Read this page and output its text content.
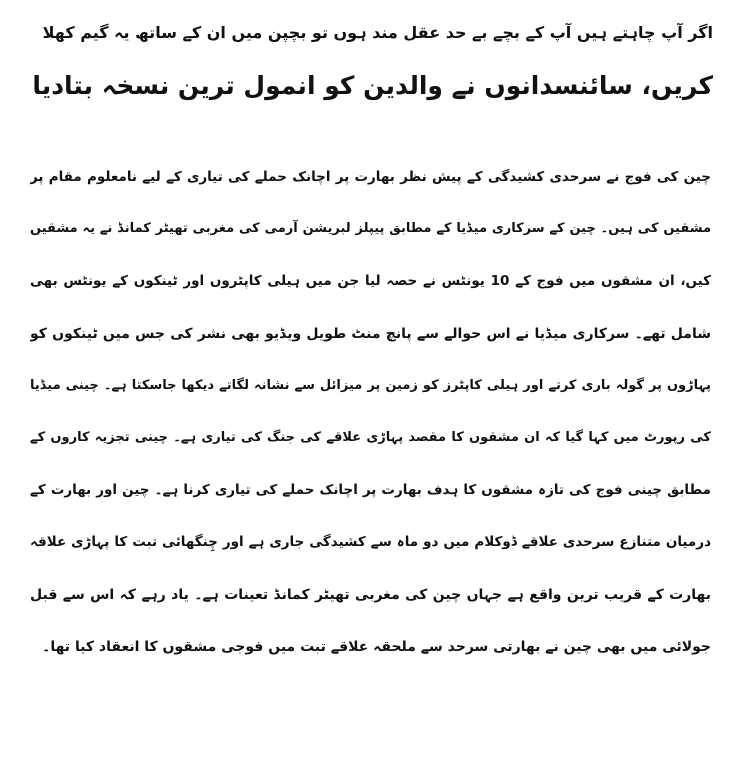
اگر آپ چاہتے ہیں آپ کے بچے بے حد عقل مند ہوں تو بچپن میں ان کے ساتھ یہ گیم کھلا
کریں، سائنسدانوں نے والدین کو انمول ترین نسخہ بتادیا
چین کی فوج نے سرحدی کشیدگی کے پیش نظر بھارت پر اچانک حملے کی تیاری کے لیے نامعلوم مقام پر
مشقیں کی ہیں۔ چین کے سرکاری میڈیا کے مطابق پیپلز لبریشن آرمی کی مغربی تھیٹر کمانڈ نے یہ مشقیں
کیں، ان مشقوں میں فوج کے 10 یونٹس نے حصہ لیا جن میں ہیلی کاپٹروں اور ٹینکوں کے یونٹس بھی
شامل تھے۔ سرکاری میڈیا نے اس حوالے سے پانچ منٹ طویل ویڈیو بھی نشر کی جس میں ٹینکوں کو
پہاڑوں پر گولہ باری کرتے اور ہیلی کاپٹرز کو زمین پر میزائل سے نشانہ لگاتے دیکھا جاسکتا ہے۔ چینی میڈیا
کی رپورٹ میں کہا گیا کہ ان مشقوں کا مقصد پہاڑی علاقے کی جنگ کی تیاری ہے۔ چینی تجزیہ کاروں کے
مطابق چینی فوج کی تازہ مشقوں کا ہدف بھارت پر اچانک حملے کی تیاری کرنا ہے۔ چین اور بھارت کے
درمیان متنازع سرحدی علاقے ڈوکلام میں دو ماہ سے کشیدگی جاری ہے اور چِنگھائی تبت کا پہاڑی علاقہ
بھارت کے قریب ترین واقع ہے جہاں چین کی مغربی تھیٹر کمانڈ تعینات ہے۔ یاد رہے کہ اس سے قبل
جولائی میں بھی چین نے بھارتی سرحد سے ملحقہ علاقے تبت میں فوجی مشقوں کا انعقاد کیا تھا۔
